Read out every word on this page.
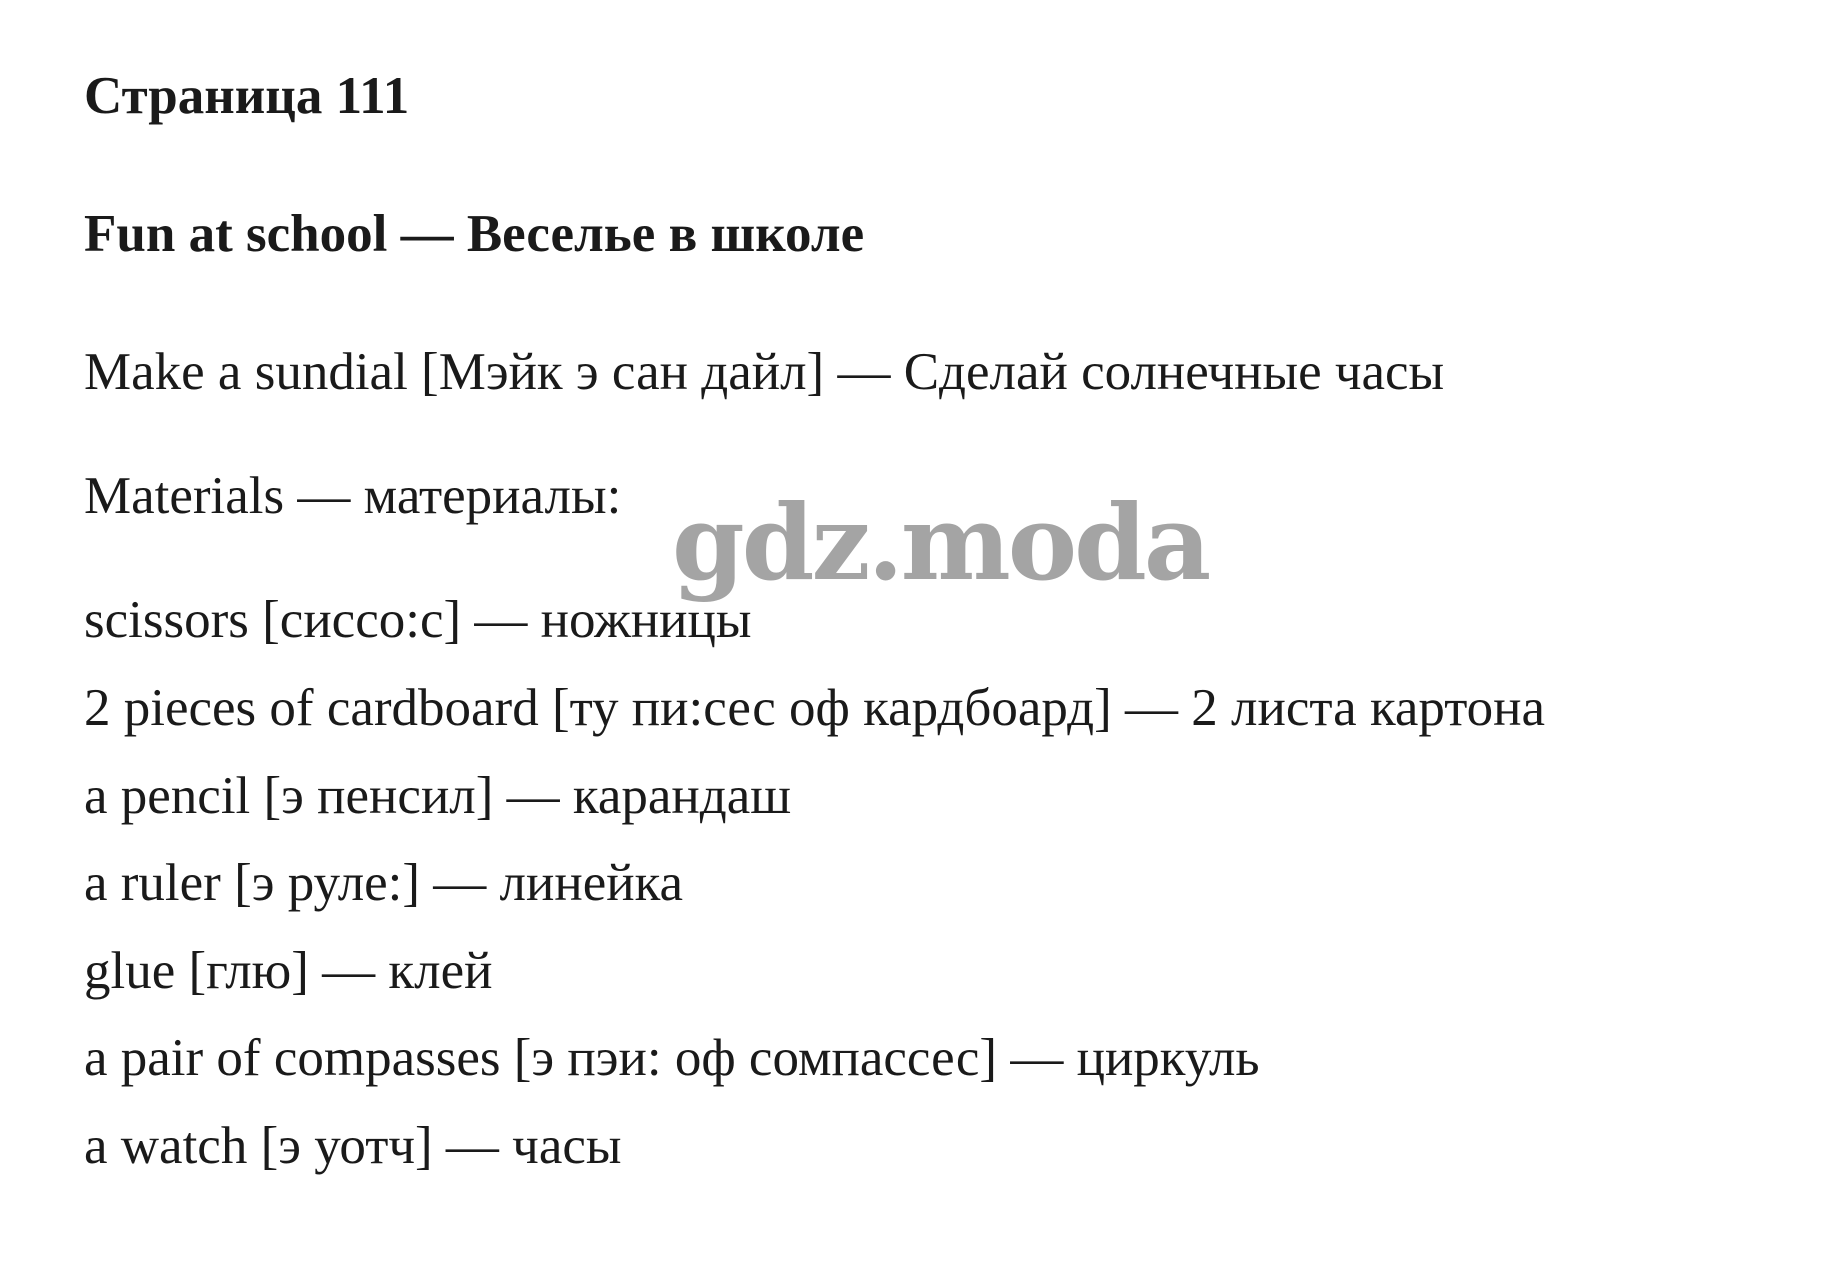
Страница 111
Fun at school — Веселье в школе
Make a sundial [Мэйк э сан дайл] — Сделай солнечные часы
Materials — материалы:
scissors [сиссо:с] — ножницы
2 pieces of cardboard [ту пи:сес оф кардбоард] — 2 листа картона
a pencil [э пенсил] — карандаш
a ruler [э руле:] — линейка
glue [глю] — клей
a pair of compasses [э пэи: оф сомпассес] — циркуль
a watch [э уотч] — часы
gdz.moda
